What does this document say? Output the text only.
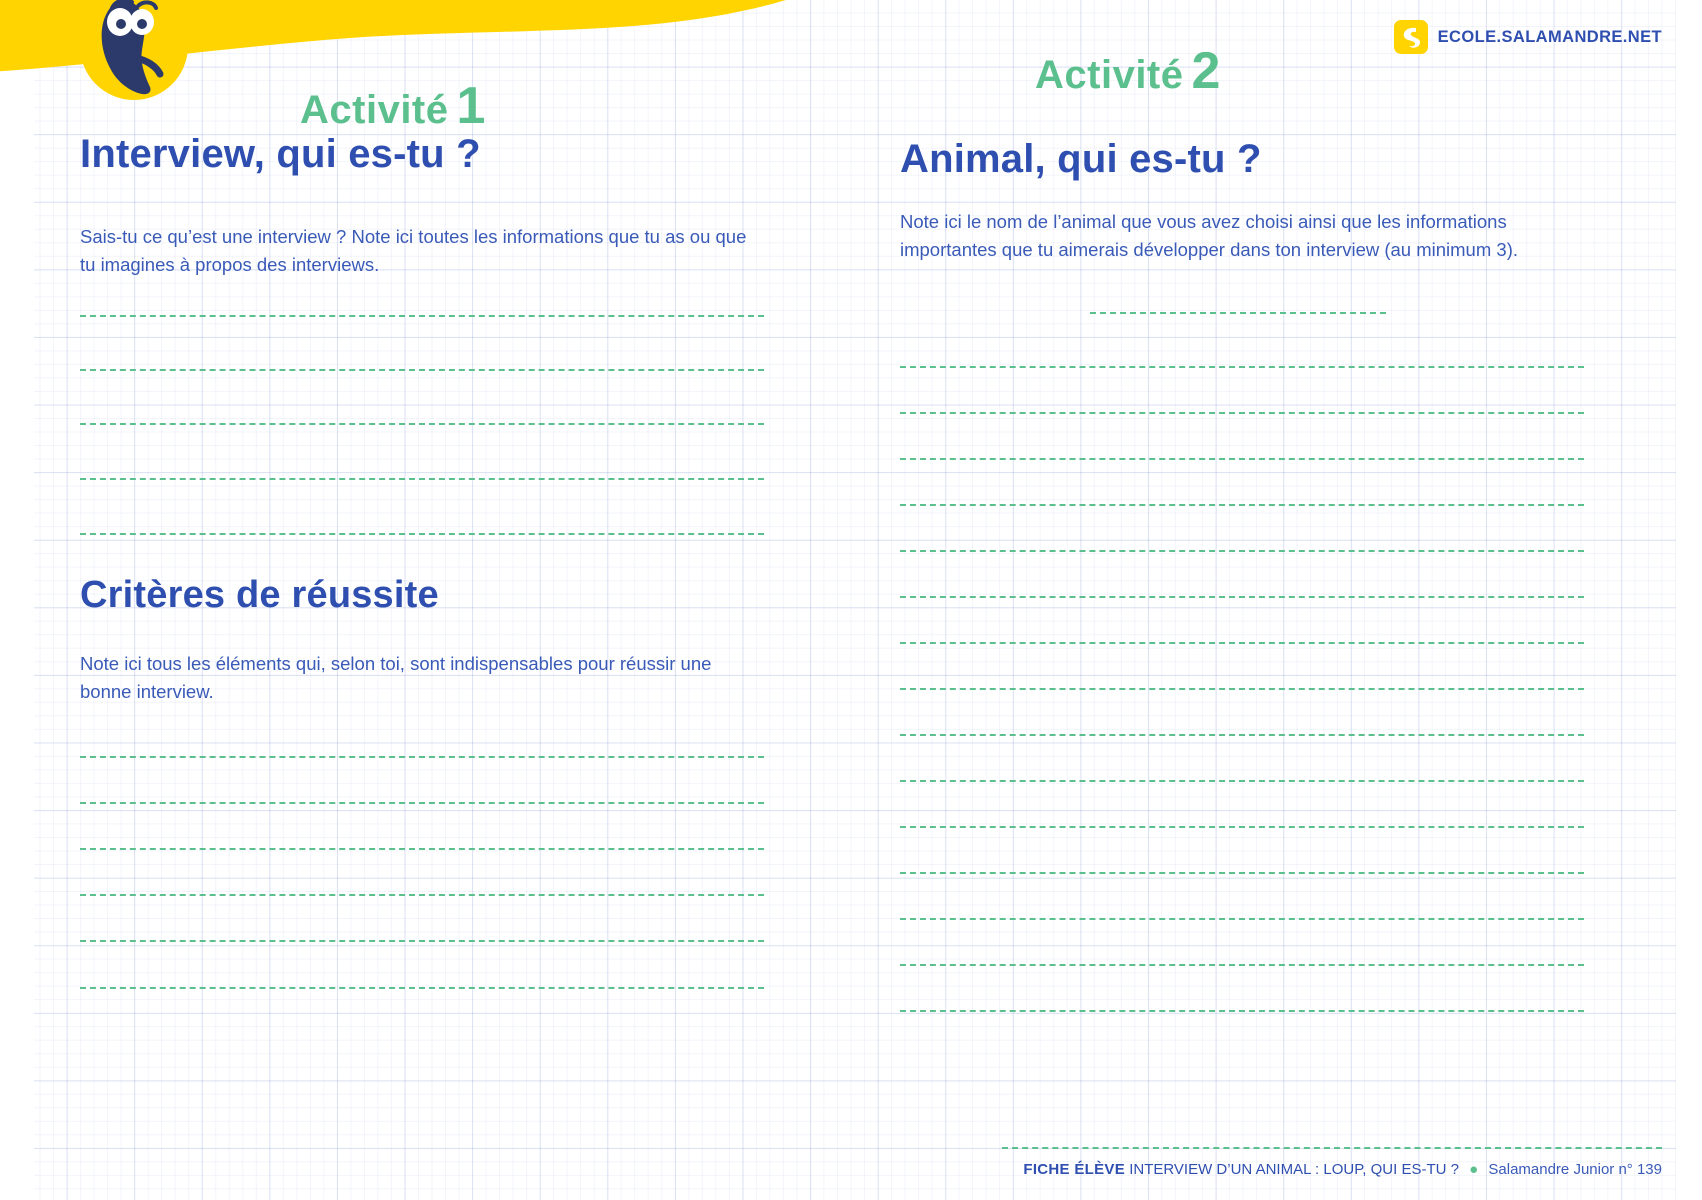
ECOLE.SALAMANDRE.NET
Activité 1
Interview, qui es-tu ?
Sais-tu ce qu’est une interview ? Note ici toutes les informations que tu as ou que tu imagines à propos des interviews.
Critères de réussite
Note ici tous les éléments qui, selon toi, sont indispensables pour réussir une bonne interview.
Activité 2
Animal, qui es-tu ?
Note ici le nom de l’animal que vous avez choisi ainsi que les informations importantes que tu aimerais développer dans ton interview (au minimum 3).
FICHE ÉLÈVE INTERVIEW D’UN ANIMAL : LOUP, QUI ES-TU ? ● Salamandre Junior n° 139
